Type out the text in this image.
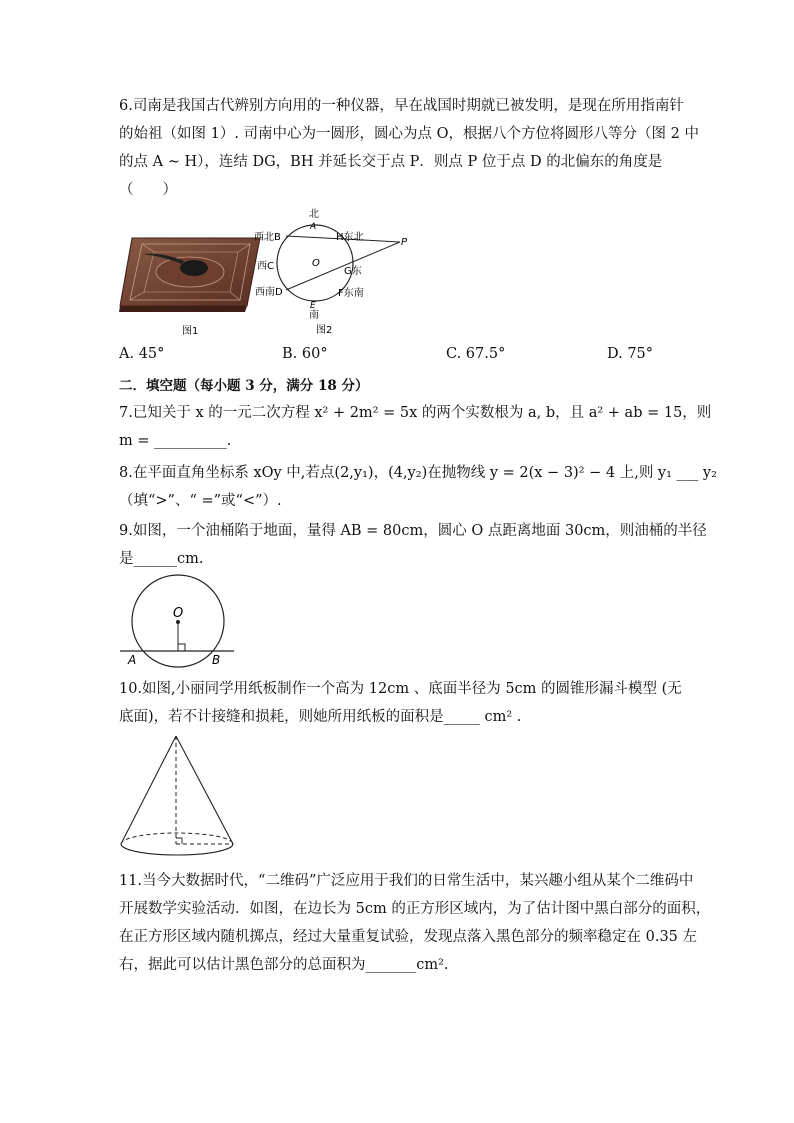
6.司南是我国古代辨别方向用的一种仪器，早在战国时期就已被发明，是现在所用指南针
的始祖（如图 1）. 司南中心为一圆形，圆心为点 O，根据八个方位将圆形八等分（图 2 中
的点 A ~ H），连结 DG，BH 并延长交于点 P．则点 P 位于点 D 的北偏东的角度是
（　　）
图1
北
A
西北B	H东北	P
西C	O
G东
西南D	F东南
E
南
图2
A. 45°	B. 60°	C. 67.5°	D. 75°
二．填空题（每小题 3 分，满分 18 分）
7.已知关于 x 的一元二次方程 x² + 2m² = 5x 的两个实数根为 a, b，且 a² + ab = 15，则
m = __________.
8.在平面直角坐标系 xOy 中,若点(2,y₁)，(4,y₂)在抛物线 y = 2(x − 3)² − 4 上,则 y₁ ___ y₂
（填“>”、“ =”或“<”）.
9.如图，一个油桶陷于地面，量得 AB = 80cm，圆心 O 点距离地面 30cm，则油桶的半径
是______cm.
O
A	B
10.如图,小丽同学用纸板制作一个高为 12cm 、底面半径为 5cm 的圆锥形漏斗模型 (无
底面)，若不计接缝和损耗，则她所用纸板的面积是_____ cm² .
11.当今大数据时代，“二维码”广泛应用于我们的日常生活中，某兴趣小组从某个二维码中
开展数学实验活动．如图，在边长为 5cm 的正方形区域内，为了估计图中黑白部分的面积，
在正方形区域内随机掷点，经过大量重复试验，发现点落入黑色部分的频率稳定在 0.35 左
右，据此可以估计黑色部分的总面积为_______cm².
